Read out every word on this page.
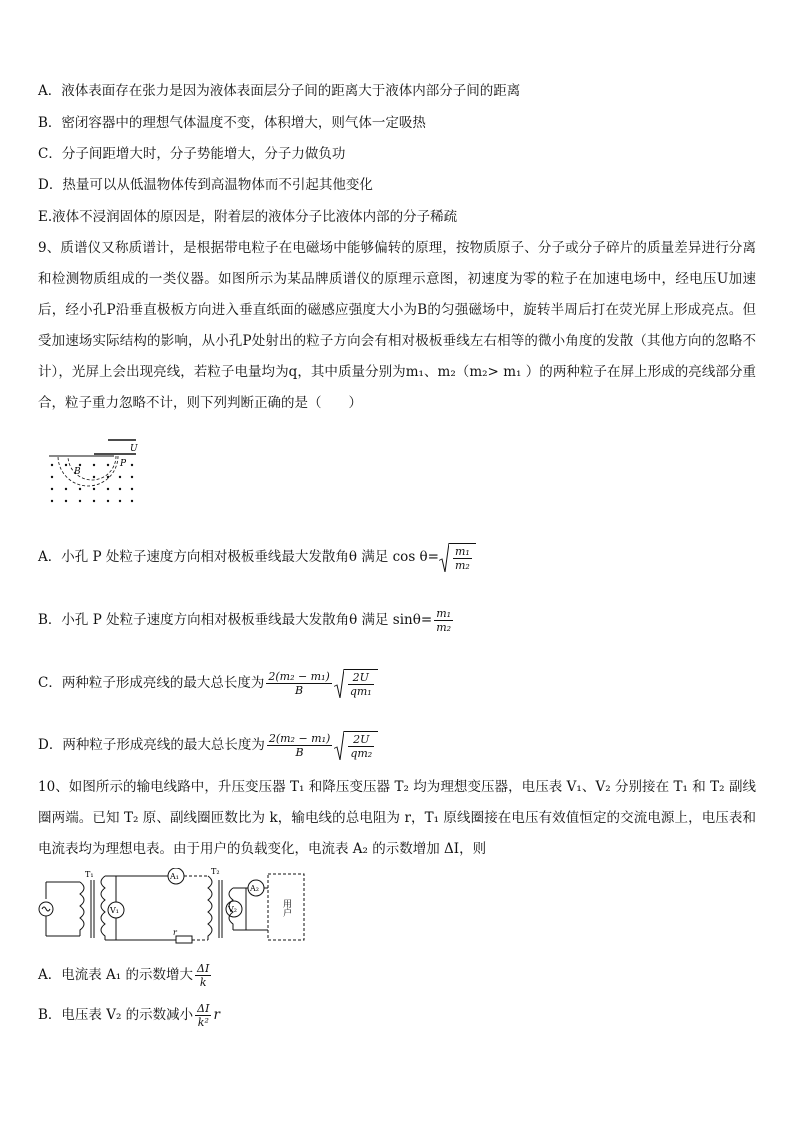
A．液体表面存在张力是因为液体表面层分子间的距离大于液体内部分子间的距离
B．密闭容器中的理想气体温度不变，体积增大，则气体一定吸热
C．分子间距增大时，分子势能增大，分子力做负功
D．热量可以从低温物体传到高温物体而不引起其他变化
E.液体不浸润固体的原因是，附着层的液体分子比液体内部的分子稀疏
9、质谱仪又称质谱计，是根据带电粒子在电磁场中能够偏转的原理，按物质原子、分子或分子碎片的质量差异进行分离和检测物质组成的一类仪器。如图所示为某品牌质谱仪的原理示意图，初速度为零的粒子在加速电场中，经电压U加速后，经小孔P沿垂直极板方向进入垂直纸面的磁感应强度大小为B的匀强磁场中，旋转半周后打在荧光屏上形成亮点。但受加速场实际结构的影响，从小孔P处射出的粒子方向会有相对极板垂线左右相等的微小角度的发散（其他方向的忽略不计），光屏上会出现亮线，若粒子电量均为q，其中质量分别为m₁、m₂（m₂> m₁ ）的两种粒子在屏上形成的亮线部分重合，粒子重力忽略不计，则下列判断正确的是（　　）
U
P
B
A．小孔 P 处粒子速度方向相对极板垂线最大发散角θ 满足 $\cos \theta= \frac{\text{m₁}}{\text{m₂}}$
B．小孔 P 处粒子速度方向相对极板垂线最大发散角θ 满足 $\sin\theta= \frac{\text{m₁}}{\text{m₂}}$
C．两种粒子形成亮线的最大总长度为 $\frac{\text{2(m₂ − m₁)}}{B} \frac{2U}{\text{qm₁}}$
D．两种粒子形成亮线的最大总长度为 $\frac{\text{2(m₂ − m₁)}}{B} \frac{2U}{\text{qm₂}}$
10、如图所示的输电线路中，升压变压器 T₁ 和降压变压器 T₂ 均为理想变压器，电压表 V₁、V₂ 分别接在 T₁ 和 T₂ 副线圈两端。已知 T₂ 原、副线圈匝数比为 k，输电线的总电阻为 r，T₁ 原线圈接在电压有效值恒定的交流电源上，电压表和电流表均为理想电表。由于用户的负载变化，电流表 A₂ 的示数增加 ΔI，则
T₁	T₂
V₁
A₁
V₂
A₂
r
用户
A．电流表 A₁ 的示数增大 $\frac{\Delta I}{k}$
B．电压表 V₂ 的示数减小 $\frac{\Delta I}{\text{k²}}$ r
